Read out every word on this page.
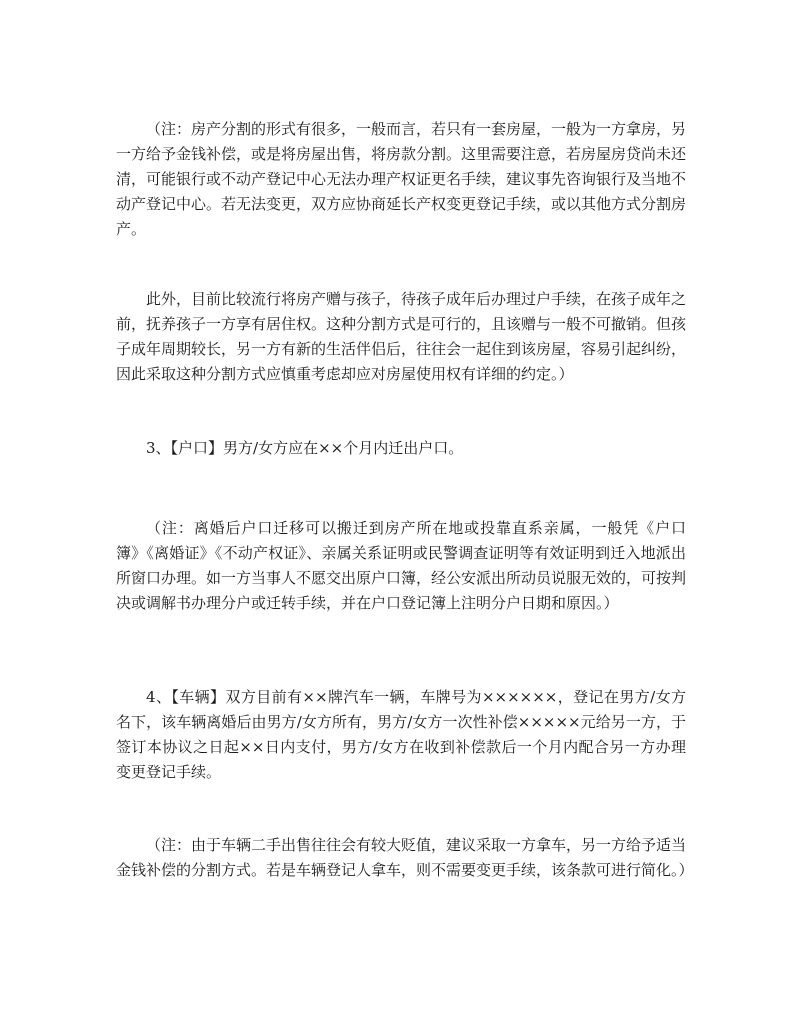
（注：房产分割的形式有很多，一般而言，若只有一套房屋，一般为一方拿房，另一方给予金钱补偿，或是将房屋出售，将房款分割。这里需要注意，若房屋房贷尚未还清，可能银行或不动产登记中心无法办理产权证更名手续，建议事先咨询银行及当地不动产登记中心。若无法变更，双方应协商延长产权变更登记手续，或以其他方式分割房产。

此外，目前比较流行将房产赠与孩子，待孩子成年后办理过户手续，在孩子成年之前，抚养孩子一方享有居住权。这种分割方式是可行的，且该赠与一般不可撤销。但孩子成年周期较长，另一方有新的生活伴侣后，往往会一起住到该房屋，容易引起纠纷，因此采取这种分割方式应慎重考虑却应对房屋使用权有详细的约定。）

3、【户口】男方/女方应在××个月内迁出户口。

（注：离婚后户口迁移可以搬迁到房产所在地或投靠直系亲属，一般凭《户口簿》《离婚证》《不动产权证》、亲属关系证明或民警调查证明等有效证明到迁入地派出所窗口办理。如一方当事人不愿交出原户口簿，经公安派出所动员说服无效的，可按判决或调解书办理分户或迁转手续，并在户口登记簿上注明分户日期和原因。）

4、【车辆】双方目前有××牌汽车一辆，车牌号为××××××，登记在男方/女方名下，该车辆离婚后由男方/女方所有，男方/女方一次性补偿×××××元给另一方，于签订本协议之日起××日内支付，男方/女方在收到补偿款后一个月内配合另一方办理变更登记手续。

（注：由于车辆二手出售往往会有较大贬值，建议采取一方拿车，另一方给予适当金钱补偿的分割方式。若是车辆登记人拿车，则不需要变更手续，该条款可进行简化。）
